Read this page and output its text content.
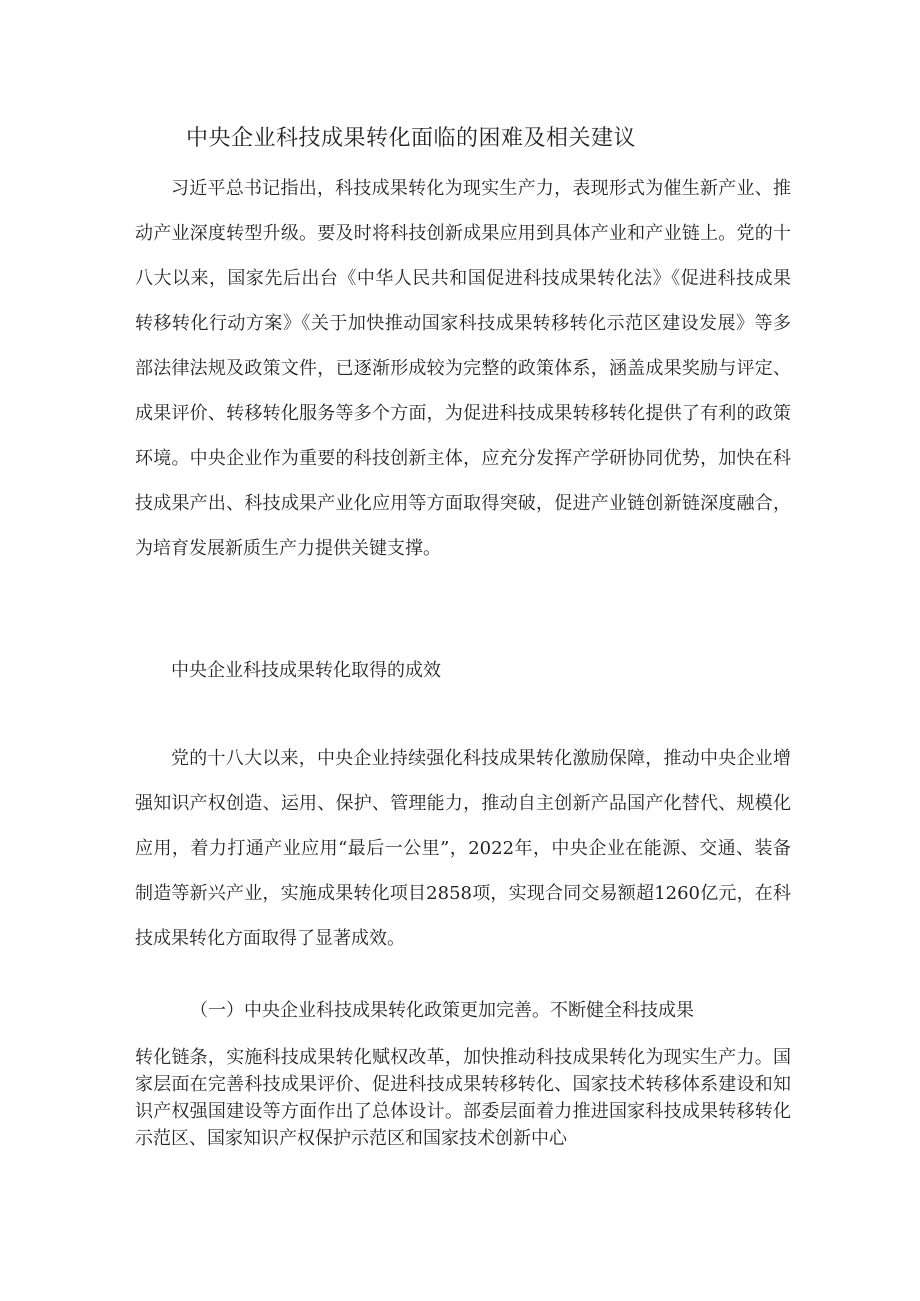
中央企业科技成果转化面临的困难及相关建议

习近平总书记指出，科技成果转化为现实生产力，表现形式为催生新产业、推动产业深度转型升级。要及时将科技创新成果应用到具体产业和产业链上。党的十八大以来，国家先后出台《中华人民共和国促进科技成果转化法》《促进科技成果转移转化行动方案》《关于加快推动国家科技成果转移转化示范区建设发展》等多部法律法规及政策文件，已逐渐形成较为完整的政策体系，涵盖成果奖励与评定、成果评价、转移转化服务等多个方面，为促进科技成果转移转化提供了有利的政策环境。中央企业作为重要的科技创新主体，应充分发挥产学研协同优势，加快在科技成果产出、科技成果产业化应用等方面取得突破，促进产业链创新链深度融合，为培育发展新质生产力提供关键支撑。

中央企业科技成果转化取得的成效

党的十八大以来，中央企业持续强化科技成果转化激励保障，推动中央企业增强知识产权创造、运用、保护、管理能力，推动自主创新产品国产化替代、规模化应用，着力打通产业应用“最后一公里”，2022年，中央企业在能源、交通、装备制造等新兴产业，实施成果转化项目2858项，实现合同交易额超1260亿元，在科技成果转化方面取得了显著成效。

（一）中央企业科技成果转化政策更加完善。不断健全科技成果

转化链条，实施科技成果转化赋权改革，加快推动科技成果转化为现实生产力。国家层面在完善科技成果评价、促进科技成果转移转化、国家技术转移体系建设和知识产权强国建设等方面作出了总体设计。部委层面着力推进国家科技成果转移转化示范区、国家知识产权保护示范区和国家技术创新中心
